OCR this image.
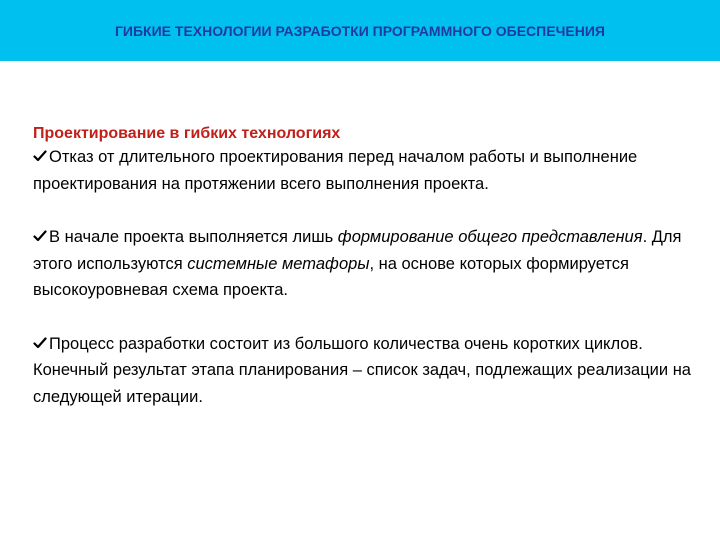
ГИБКИЕ ТЕХНОЛОГИИ РАЗРАБОТКИ ПРОГРАММНОГО ОБЕСПЕЧЕНИЯ

Проектирование в гибких технологиях

Отказ от длительного проектирования перед началом работы и выполнение проектирования на протяжении всего выполнения проекта.

В начале проекта выполняется лишь формирование общего представления. Для этого используются системные метафоры, на основе которых формируется высокоуровневая схема проекта.

Процесс разработки состоит из большого количества очень коротких циклов. Конечный результат этапа планирования – список задач, подлежащих реализации на следующей итерации.
